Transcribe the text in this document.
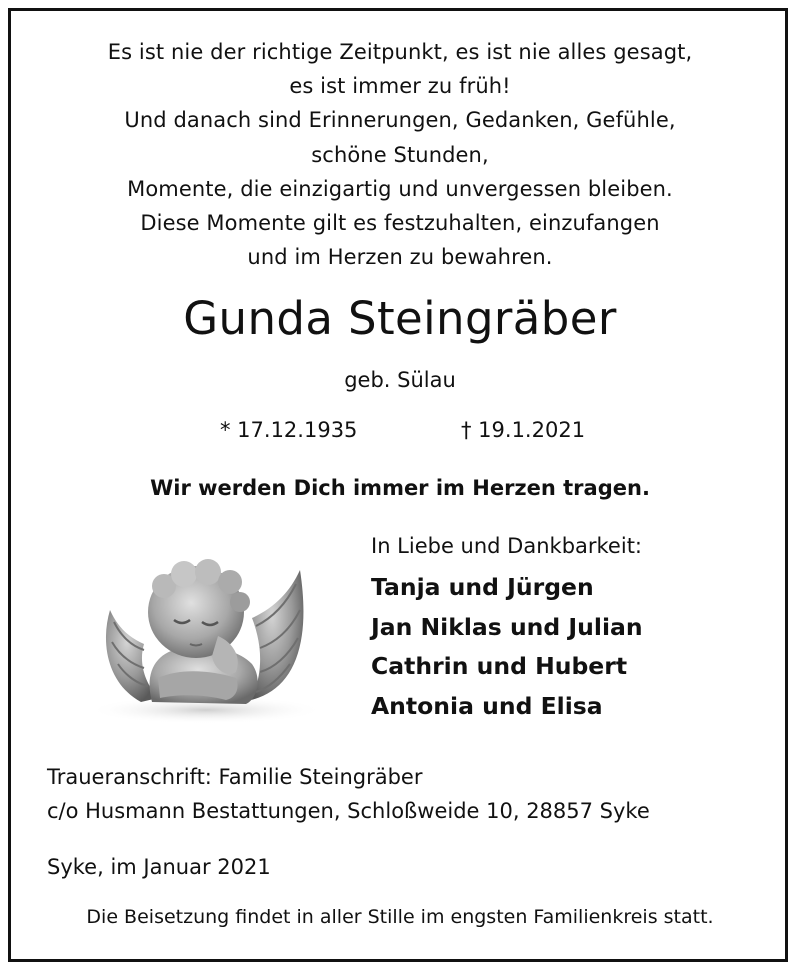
Es ist nie der richtige Zeitpunkt, es ist nie alles gesagt,
es ist immer zu früh!
Und danach sind Erinnerungen, Gedanken, Gefühle,
schöne Stunden,
Momente, die einzigartig und unvergessen bleiben.
Diese Momente gilt es festzuhalten, einzufangen
und im Herzen zu bewahren.
Gunda Steingräber
geb. Sülau
* 17.12.1935	† 19.1.2021
Wir werden Dich immer im Herzen tragen.
In Liebe und Dankbarkeit:
Tanja und Jürgen
Jan Niklas und Julian
Cathrin und Hubert
Antonia und Elisa
Traueranschrift: Familie Steingräber
c/o Husmann Bestattungen, Schloßweide 10, 28857 Syke
Syke, im Januar 2021
Die Beisetzung findet in aller Stille im engsten Familienkreis statt.
